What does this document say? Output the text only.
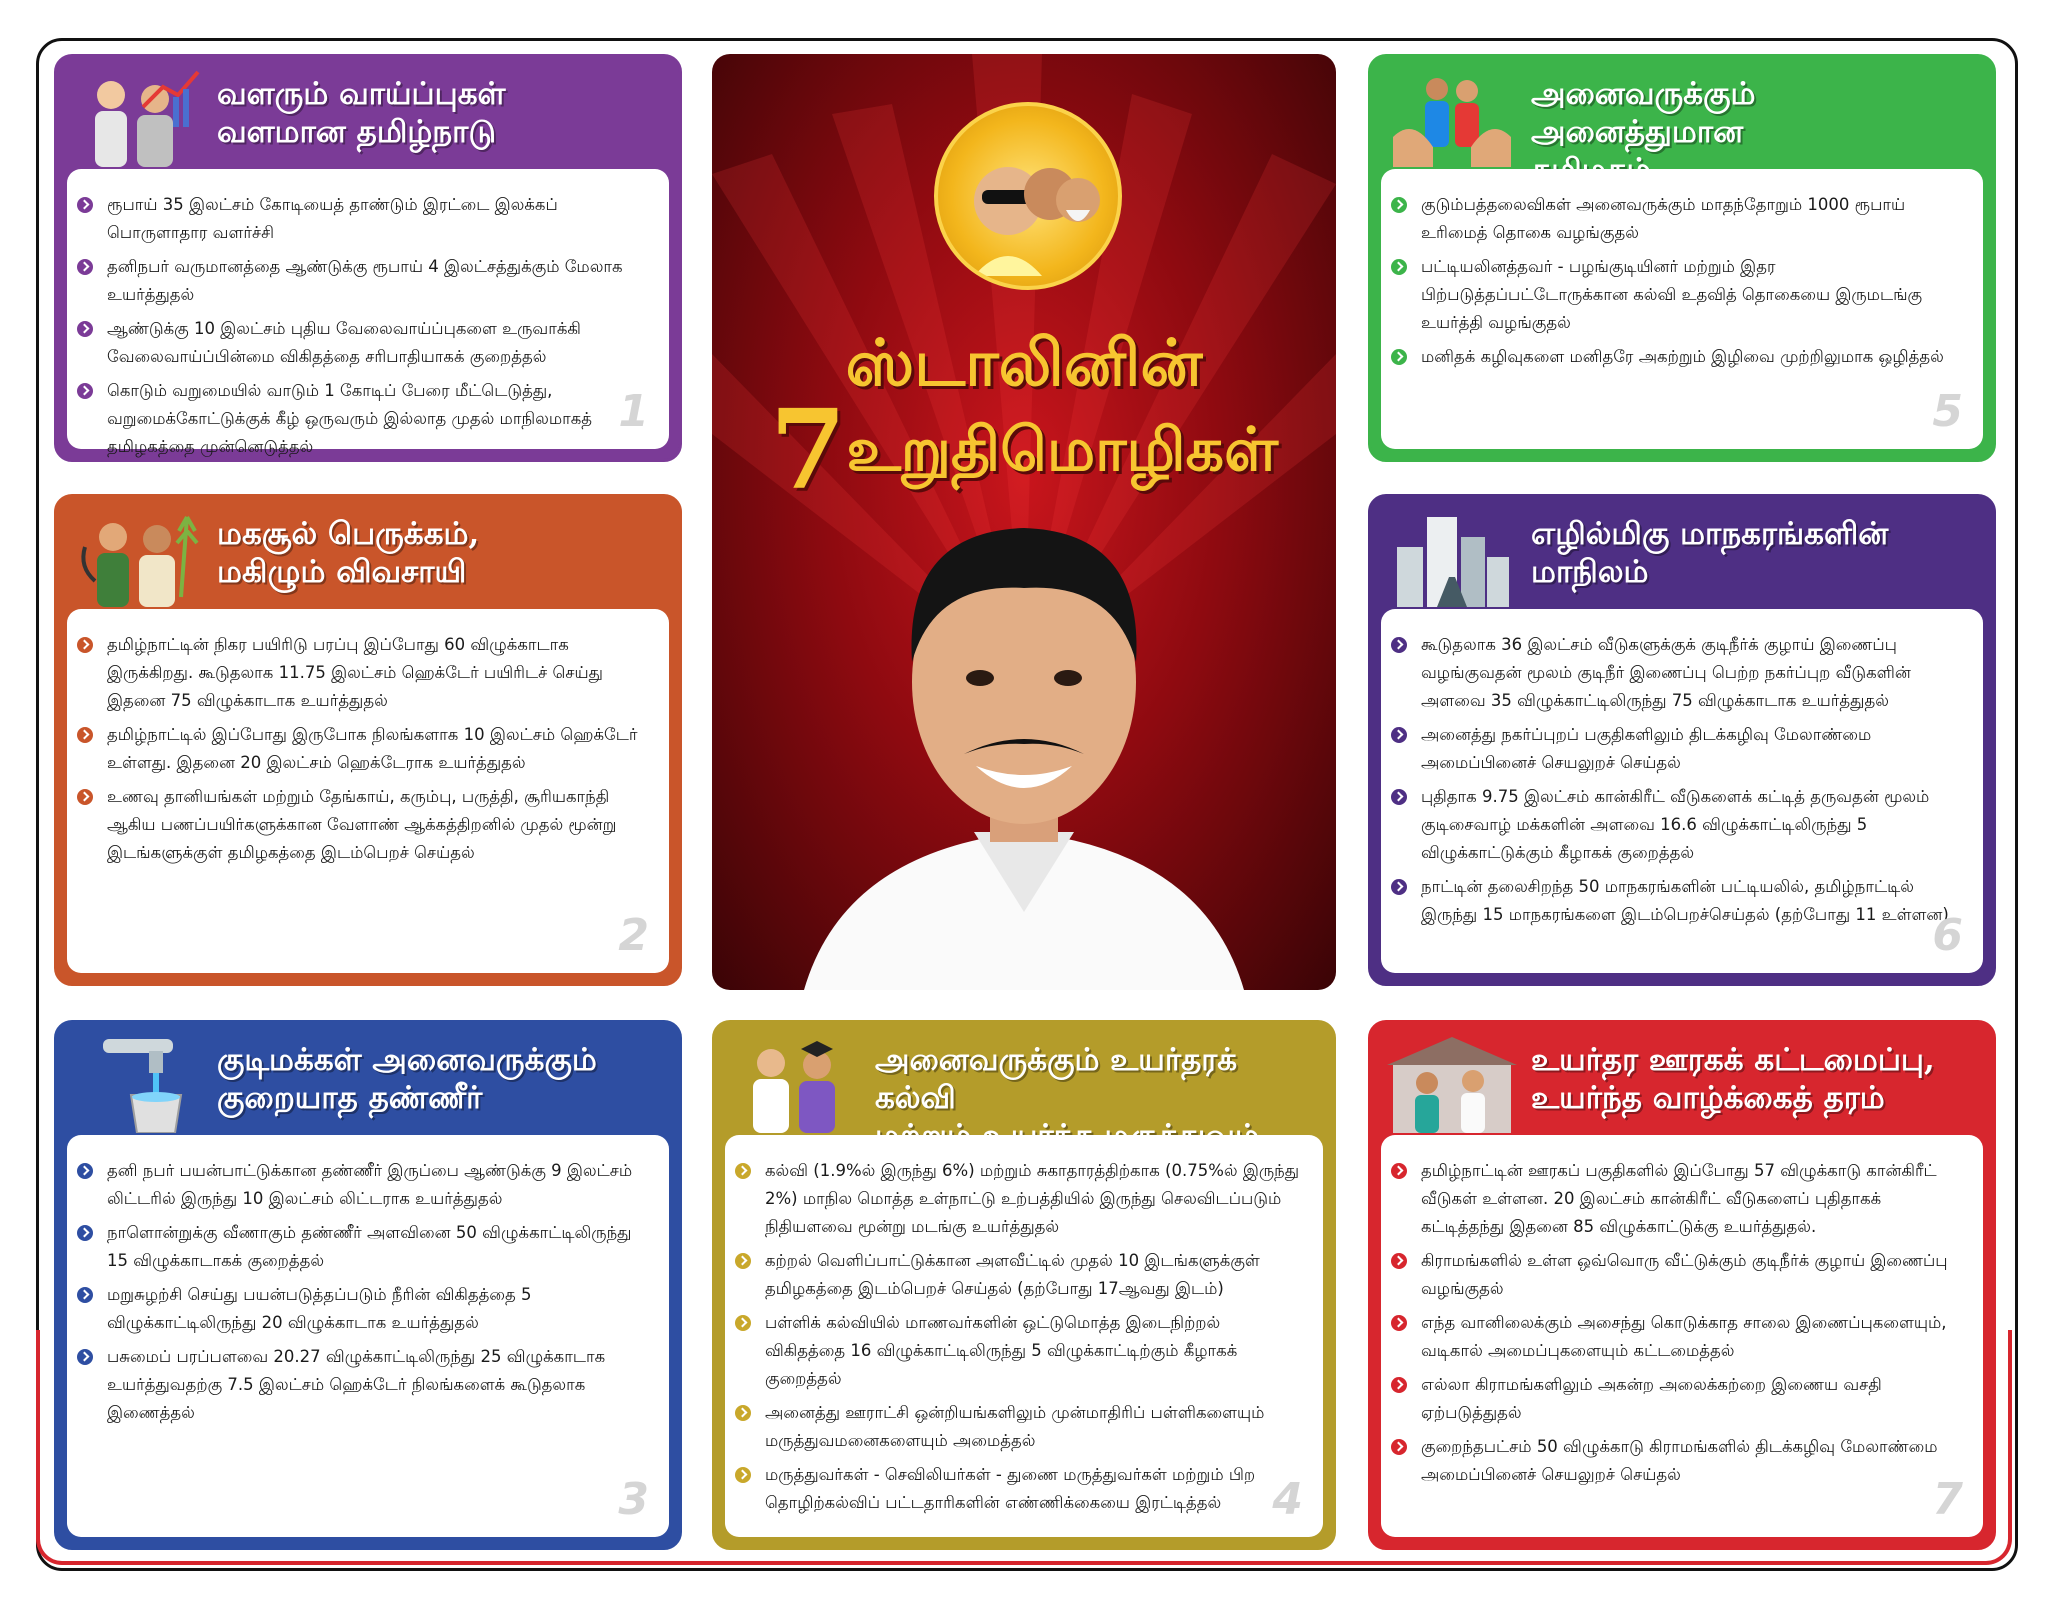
வளரும் வாய்ப்புகள்
வளமான தமிழ்நாடு
ரூபாய் 35 இலட்சம் கோடியைத் தாண்டும் இரட்டை இலக்கப் பொருளாதார வளர்ச்சி
தனிநபர் வருமானத்தை ஆண்டுக்கு ரூபாய் 4 இலட்சத்துக்கும் மேலாக உயர்த்துதல்
ஆண்டுக்கு 10 இலட்சம் புதிய வேலைவாய்ப்புகளை உருவாக்கி வேலைவாய்ப்பின்மை விகிதத்தை சரிபாதியாகக் குறைத்தல்
கொடும் வறுமையில் வாடும் 1 கோடிப் பேரை மீட்டெடுத்து, வறுமைக்கோட்டுக்குக் கீழ் ஒருவரும் இல்லாத முதல் மாநிலமாகத் தமிழகத்தை முன்னெடுத்தல்
1
மகசூல் பெருக்கம்,
மகிழும் விவசாயி
தமிழ்நாட்டின் நிகர பயிரிடு பரப்பு இப்போது 60 விழுக்காடாக இருக்கிறது. கூடுதலாக 11.75 இலட்சம் ஹெக்டேர் பயிரிடச் செய்து இதனை 75 விழுக்காடாக உயர்த்துதல்
தமிழ்நாட்டில் இப்போது இருபோக நிலங்களாக 10 இலட்சம் ஹெக்டேர் உள்ளது. இதனை 20 இலட்சம் ஹெக்டேராக உயர்த்துதல்
உணவு தானியங்கள் மற்றும் தேங்காய், கரும்பு, பருத்தி, சூரியகாந்தி ஆகிய பணப்பயிர்களுக்கான வேளாண் ஆக்கத்திறனில் முதல் மூன்று இடங்களுக்குள் தமிழகத்தை இடம்பெறச் செய்தல்
2
குடிமக்கள் அனைவருக்கும்
குறையாத தண்ணீர்
தனி நபர் பயன்பாட்டுக்கான தண்ணீர் இருப்பை ஆண்டுக்கு 9 இலட்சம் லிட்டரில் இருந்து 10 இலட்சம் லிட்டராக உயர்த்துதல்
நாளொன்றுக்கு வீணாகும் தண்ணீர் அளவினை 50 விழுக்காட்டிலிருந்து 15 விழுக்காடாகக் குறைத்தல்
மறுசுழற்சி செய்து பயன்படுத்தப்படும் நீரின் விகிதத்தை 5 விழுக்காட்டிலிருந்து 20 விழுக்காடாக உயர்த்துதல்
பசுமைப் பரப்பளவை 20.27 விழுக்காட்டிலிருந்து 25 விழுக்காடாக உயர்த்துவதற்கு 7.5 இலட்சம் ஹெக்டேர் நிலங்களைக் கூடுதலாக இணைத்தல்
3
அனைவருக்கும் உயர்தரக் கல்வி
கல்வி (1.9%ல் இருந்து 6%) மற்றும் சுகாதாரத்திற்காக (0.75%ல் இருந்து 2%) மாநில மொத்த உள்நாட்டு உற்பத்தியில் இருந்து செலவிடப்படும் நிதியளவை மூன்று மடங்கு உயர்த்துதல்
கற்றல் வெளிப்பாட்டுக்கான அளவீட்டில் முதல் 10 இடங்களுக்குள் தமிழகத்தை இடம்பெறச் செய்தல் (தற்போது 17ஆவது இடம்)
பள்ளிக் கல்வியில் மாணவர்களின் ஒட்டுமொத்த இடைநிற்றல் விகிதத்தை 16 விழுக்காட்டிலிருந்து 5 விழுக்காட்டிற்கும் கீழாகக் குறைத்தல்
அனைத்து ஊராட்சி ஒன்றியங்களிலும் முன்மாதிரிப் பள்ளிகளையும் மருத்துவமனைகளையும் அமைத்தல்
மருத்துவர்கள் - செவிலியர்கள் - துணை மருத்துவர்கள் மற்றும் பிற தொழிற்கல்விப் பட்டதாரிகளின் எண்ணிக்கையை இரட்டித்தல்	4
அனைவருக்கும் அனைத்துமான
குடும்பத்தலைவிகள் அனைவருக்கும் மாதந்தோறும் 1000 ரூபாய் உரிமைத் தொகை வழங்குதல்
பட்டியலினத்தவர் - பழங்குடியினர் மற்றும் இதர பிற்படுத்தப்பட்டோருக்கான கல்வி உதவித் தொகையை இருமடங்கு உயர்த்தி வழங்குதல்
மனிதக் கழிவுகளை மனிதரே அகற்றும் இழிவை முற்றிலுமாக ஒழித்தல்
5
எழில்மிகு மாநகரங்களின்
மாநிலம்
கூடுதலாக 36 இலட்சம் வீடுகளுக்குக் குடிநீர்க் குழாய் இணைப்பு வழங்குவதன் மூலம் குடிநீர் இணைப்பு பெற்ற நகர்ப்புற வீடுகளின் அளவை 35 விழுக்காட்டிலிருந்து 75 விழுக்காடாக உயர்த்துதல்
அனைத்து நகர்ப்புறப் பகுதிகளிலும் திடக்கழிவு மேலாண்மை அமைப்பினைச் செயலுறச் செய்தல்
புதிதாக 9.75 இலட்சம் கான்கிரீட் வீடுகளைக் கட்டித் தருவதன் மூலம் குடிசைவாழ் மக்களின் அளவை 16.6 விழுக்காட்டிலிருந்து 5 விழுக்காட்டுக்கும் கீழாகக் குறைத்தல்
நாட்டின் தலைசிறந்த 50 மாநகரங்களின் பட்டியலில், தமிழ்நாட்டில் இருந்து 15 மாநகரங்களை இடம்பெறச்செய்தல் (தற்போது 11 உள்ளன)
6
உயர்தர ஊரகக் கட்டமைப்பு,
உயர்ந்த வாழ்க்கைத் தரம்
தமிழ்நாட்டின் ஊரகப் பகுதிகளில் இப்போது 57 விழுக்காடு கான்கிரீட் வீடுகள் உள்ளன. 20 இலட்சம் கான்கிரீட் வீடுகளைப் புதிதாகக் கட்டித்தந்து இதனை 85 விழுக்காட்டுக்கு உயர்த்துதல்.
கிராமங்களில் உள்ள ஒவ்வொரு வீட்டுக்கும் குடிநீர்க் குழாய் இணைப்பு வழங்குதல்
எந்த வானிலைக்கும் அசைந்து கொடுக்காத சாலை இணைப்புகளையும், வடிகால் அமைப்புகளையும் கட்டமைத்தல்
எல்லா கிராமங்களிலும் அகன்ற அலைக்கற்றை இணைய வசதி ஏற்படுத்துதல்
குறைந்தபட்சம் 50 விழுக்காடு கிராமங்களில் திடக்கழிவு மேலாண்மை அமைப்பினைச் செயலுறச் செய்தல்	7
ஸ்டாலினின்
7உறுதிமொழிகள்
